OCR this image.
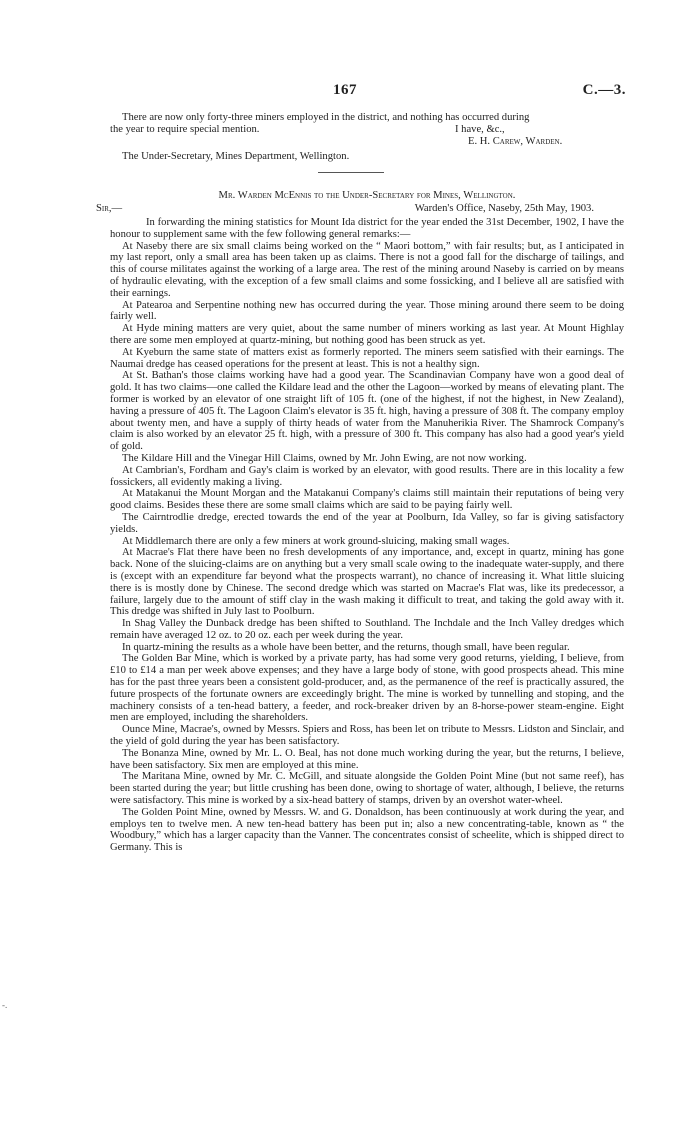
167	C.—3.
There are now only forty-three miners employed in the district, and nothing has occurred during
the year to require special mention.	I have, &c.,
E. H. Carew, Warden.
The Under-Secretary, Mines Department, Wellington.
Mr. Warden McEnnis to the Under-Secretary for Mines, Wellington.
Sir,—	Warden's Office, Naseby, 25th May, 1903.
In forwarding the mining statistics for Mount Ida district for the year ended the 31st December, 1902, I have the honour to supplement same with the few following general remarks:—
At Naseby there are six small claims being worked on the “ Maori bottom,” with fair results; but, as I anticipated in my last report, only a small area has been taken up as claims. There is not a good fall for the discharge of tailings, and this of course militates against the working of a large area. The rest of the mining around Naseby is carried on by means of hydraulic elevating, with the exception of a few small claims and some fossicking, and I believe all are satisfied with their earnings.
At Patearoa and Serpentine nothing new has occurred during the year. Those mining around there seem to be doing fairly well.
At Hyde mining matters are very quiet, about the same number of miners working as last year. At Mount Highlay there are some men employed at quartz-mining, but nothing good has been struck as yet.
At Kyeburn the same state of matters exist as formerly reported. The miners seem satisfied with their earnings. The Naumai dredge has ceased operations for the present at least. This is not a healthy sign.
At St. Bathan's those claims working have had a good year. The Scandinavian Company have won a good deal of gold. It has two claims—one called the Kildare lead and the other the Lagoon—worked by means of elevating plant. The former is worked by an elevator of one straight lift of 105 ft. (one of the highest, if not the highest, in New Zealand), having a pressure of 405 ft. The Lagoon Claim's elevator is 35 ft. high, having a pressure of 308 ft. The company employ about twenty men, and have a supply of thirty heads of water from the Manuherikia River. The Shamrock Company's claim is also worked by an elevator 25 ft. high, with a pressure of 300 ft. This company has also had a good year's yield of gold.
The Kildare Hill and the Vinegar Hill Claims, owned by Mr. John Ewing, are not now working.
At Cambrian's, Fordham and Gay's claim is worked by an elevator, with good results. There are in this locality a few fossickers, all evidently making a living.
At Matakanui the Mount Morgan and the Matakanui Company's claims still maintain their reputations of being very good claims. Besides these there are some small claims which are said to be paying fairly well.
The Cairntrodlie dredge, erected towards the end of the year at Poolburn, Ida Valley, so far is giving satisfactory yields.
At Middlemarch there are only a few miners at work ground-sluicing, making small wages.
At Macrae's Flat there have been no fresh developments of any importance, and, except in quartz, mining has gone back. None of the sluicing-claims are on anything but a very small scale owing to the inadequate water-supply, and there is (except with an expenditure far beyond what the prospects warrant), no chance of increasing it. What little sluicing there is is mostly done by Chinese. The second dredge which was started on Macrae's Flat was, like its predecessor, a failure, largely due to the amount of stiff clay in the wash making it difficult to treat, and taking the gold away with it. This dredge was shifted in July last to Poolburn.
In Shag Valley the Dunback dredge has been shifted to Southland. The Inchdale and the Inch Valley dredges which remain have averaged 12 oz. to 20 oz. each per week during the year.
In quartz-mining the results as a whole have been better, and the returns, though small, have been regular.
The Golden Bar Mine, which is worked by a private party, has had some very good returns, yielding, I believe, from £10 to £14 a man per week above expenses; and they have a large body of stone, with good prospects ahead. This mine has for the past three years been a consistent gold-producer, and, as the permanence of the reef is practically assured, the future prospects of the fortunate owners are exceedingly bright. The mine is worked by tunnelling and stoping, and the machinery consists of a ten-head battery, a feeder, and rock-breaker driven by an 8-horse-power steam-engine. Eight men are employed, including the shareholders.
Ounce Mine, Macrae's, owned by Messrs. Spiers and Ross, has been let on tribute to Messrs. Lidston and Sinclair, and the yield of gold during the year has been satisfactory.
The Bonanza Mine, owned by Mr. L. O. Beal, has not done much working during the year, but the returns, I believe, have been satisfactory. Six men are employed at this mine.
The Maritana Mine, owned by Mr. C. McGill, and situate alongside the Golden Point Mine (but not same reef), has been started during the year; but little crushing has been done, owing to shortage of water, although, I believe, the returns were satisfactory. This mine is worked by a six-head battery of stamps, driven by an overshot water-wheel.
The Golden Point Mine, owned by Messrs. W. and G. Donaldson, has been continuously at work during the year, and employs ten to twelve men. A new ten-head battery has been put in; also a new concentrating-table, known as “ the Woodbury,” which has a larger capacity than the Vanner. The concentrates consist of scheelite, which is shipped direct to Germany. This is
-.
